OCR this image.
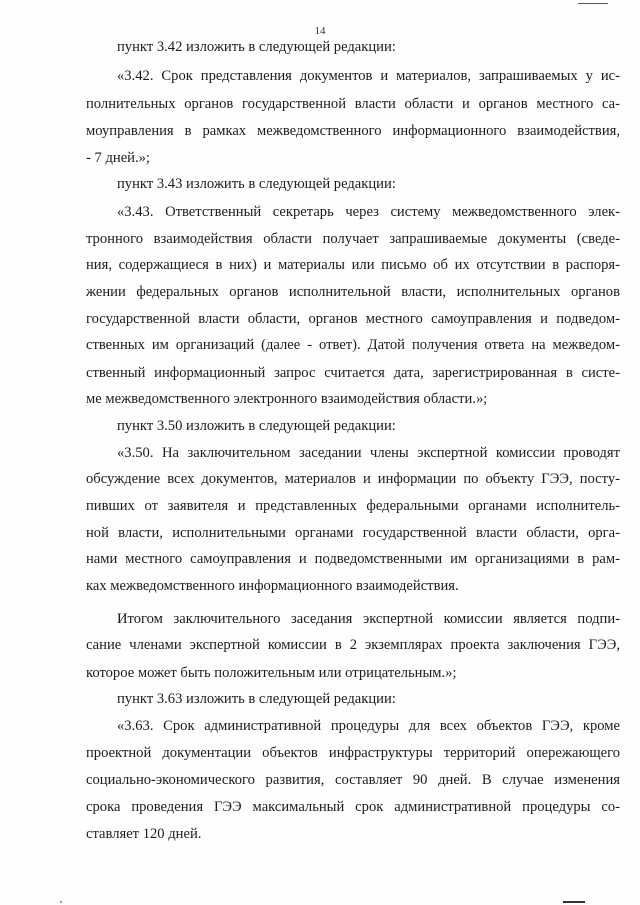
14
пункт 3.42 изложить в следующей редакции:
«3.42. Срок представления документов и материалов, запрашиваемых у ис-
полнительных органов государственной власти области и органов местного са-
моуправления в рамках межведомственного информационного взаимодействия,
- 7 дней.»;
пункт 3.43 изложить в следующей редакции:
«3.43. Ответственный секретарь через систему межведомственного элек-
тронного взаимодействия области получает запрашиваемые документы (сведе-
ния, содержащиеся в них) и материалы или письмо об их отсутствии в распоря-
жении федеральных органов исполнительной власти, исполнительных органов
государственной власти области, органов местного самоуправления и подведом-
ственных им организаций (далее - ответ). Датой получения ответа на межведом-
ственный информационный запрос считается дата, зарегистрированная в систе-
ме межведомственного электронного взаимодействия области.»;
пункт 3.50 изложить в следующей редакции:
«3.50. На заключительном заседании члены экспертной комиссии проводят
обсуждение всех документов, материалов и информации по объекту ГЭЭ, посту-
пивших от заявителя и представленных федеральными органами исполнитель-
ной власти, исполнительными органами государственной власти области, орга-
нами местного самоуправления и подведомственными им организациями в рам-
ках межведомственного информационного взаимодействия.
Итогом заключительного заседания экспертной комиссии является подпи-
сание членами экспертной комиссии в 2 экземплярах проекта заключения ГЭЭ,
которое может быть положительным или отрицательным.»;
пункт 3.63 изложить в следующей редакции:
«3.63. Срок административной процедуры для всех объектов ГЭЭ, кроме
проектной документации объектов инфраструктуры территорий опережающего
социально-экономического развития, составляет 90 дней. В случае изменения
срока проведения ГЭЭ максимальный срок административной процедуры со-
ставляет 120 дней.
